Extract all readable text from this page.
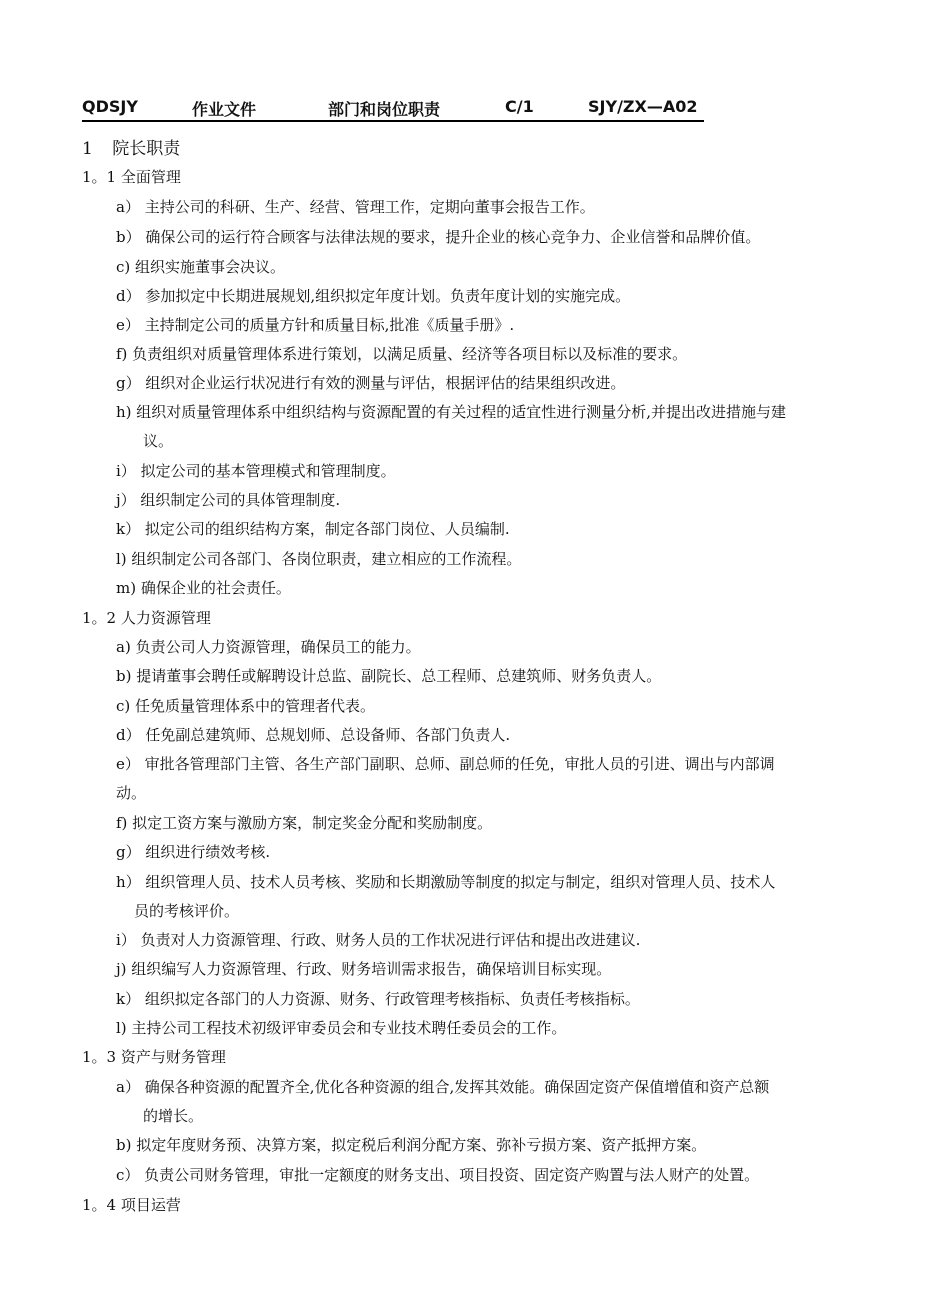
QDSJY	作业文件	部门和岗位职责	C/1	SJY/ZX—A02
1 院长职责
1。1 全面管理
a） 主持公司的科研、生产、经营、管理工作，定期向董事会报告工作。
b） 确保公司的运行符合顾客与法律法规的要求，提升企业的核心竞争力、企业信誉和品牌价值。
c) 组织实施董事会决议。
d） 参加拟定中长期进展规划,组织拟定年度计划。负责年度计划的实施完成。
e） 主持制定公司的质量方针和质量目标,批准《质量手册》.
f) 负责组织对质量管理体系进行策划，以满足质量、经济等各项目标以及标准的要求。
g） 组织对企业运行状况进行有效的测量与评估，根据评估的结果组织改进。
h) 组织对质量管理体系中组织结构与资源配置的有关过程的适宜性进行测量分析,并提出改进措施与建
议。
i） 拟定公司的基本管理模式和管理制度。
j） 组织制定公司的具体管理制度.
k） 拟定公司的组织结构方案，制定各部门岗位、人员编制.
l) 组织制定公司各部门、各岗位职责，建立相应的工作流程。
m) 确保企业的社会责任。
1。2 人力资源管理
a) 负责公司人力资源管理，确保员工的能力。
b) 提请董事会聘任或解聘设计总监、副院长、总工程师、总建筑师、财务负责人。
c) 任免质量管理体系中的管理者代表。
d） 任免副总建筑师、总规划师、总设备师、各部门负责人.
e） 审批各管理部门主管、各生产部门副职、总师、副总师的任免，审批人员的引进、调出与内部调
动。
f) 拟定工资方案与激励方案，制定奖金分配和奖励制度。
g） 组织进行绩效考核.
h） 组织管理人员、技术人员考核、奖励和长期激励等制度的拟定与制定，组织对管理人员、技术人
员的考核评价。
i） 负责对人力资源管理、行政、财务人员的工作状况进行评估和提出改进建议.
j) 组织编写人力资源管理、行政、财务培训需求报告，确保培训目标实现。
k） 组织拟定各部门的人力资源、财务、行政管理考核指标、负责任考核指标。
l) 主持公司工程技术初级评审委员会和专业技术聘任委员会的工作。
1。3 资产与财务管理
a） 确保各种资源的配置齐全,优化各种资源的组合,发挥其效能。确保固定资产保值增值和资产总额
的增长。
b) 拟定年度财务预、决算方案，拟定税后利润分配方案、弥补亏损方案、资产抵押方案。
c） 负责公司财务管理，审批一定额度的财务支出、项目投资、固定资产购置与法人财产的处置。
1。4 项目运营
